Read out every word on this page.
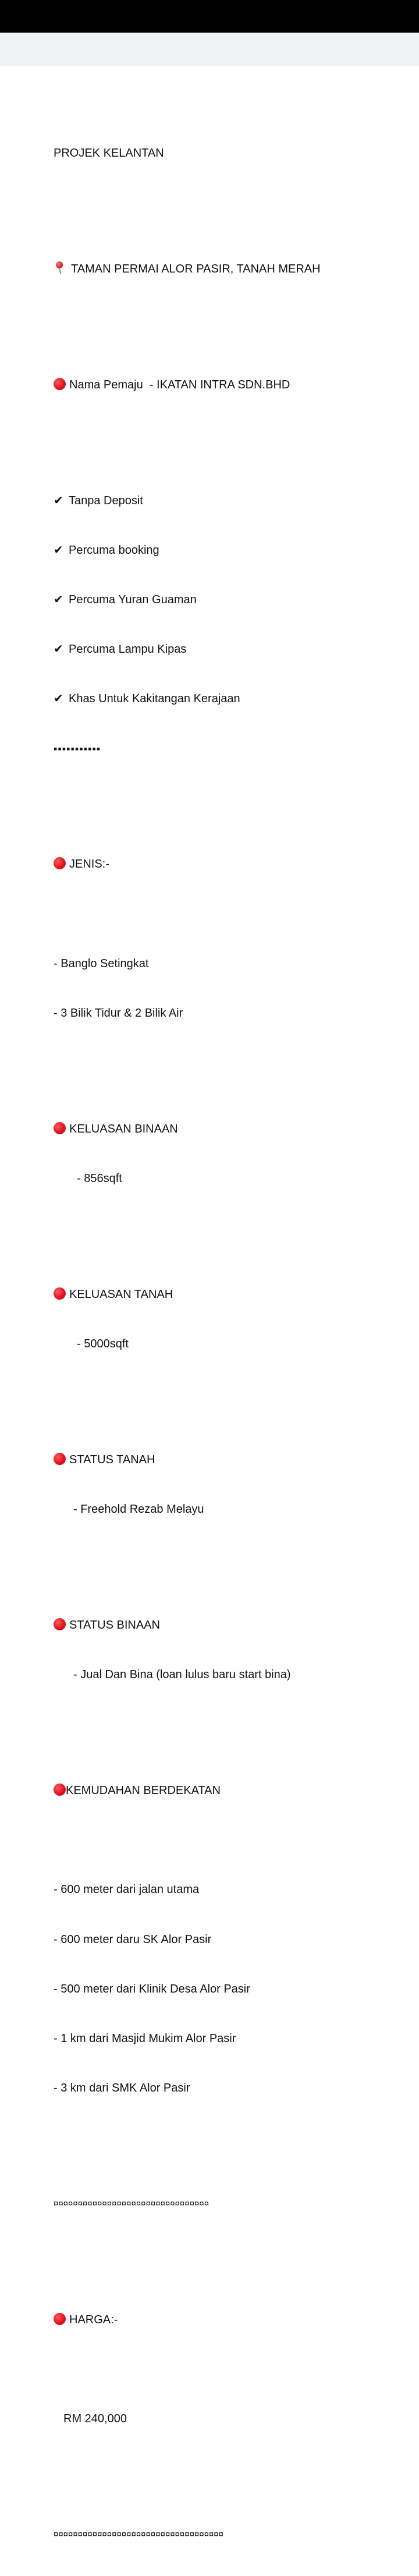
PROJEK KELANTAN

TAMAN PERMAI ALOR PASIR, TANAH MERAH

Nama Pemaju  - IKATAN INTRA SDN.BHD

✔ Tanpa Deposit

✔ Percuma booking

✔ Percuma Yuran Guaman

✔ Percuma Lampu Kipas

✔ Khas Untuk Kakitangan Kerajaan

▪▪▪▪▪▪▪▪▪▪▪

JENIS:-

- Banglo Setingkat

- 3 Bilik Tidur & 2 Bilik Air

KELUASAN BINAAN

- 856sqft

KELUASAN TANAH

- 5000sqft

STATUS TANAH

- Freehold Rezab Melayu

STATUS BINAAN

- Jual Dan Bina (loan lulus baru start bina)

KEMUDAHAN BERDEKATAN

- 600 meter dari jalan utama

- 600 meter daru SK Alor Pasir

- 500 meter dari Klinik Desa Alor Pasir

- 1 km dari Masjid Mukim Alor Pasir

- 3 km dari SMK Alor Pasir

¤¤¤¤¤¤¤¤¤¤¤¤¤¤¤¤¤¤¤¤¤¤¤¤¤¤¤¤¤¤¤¤

HARGA:-

RM 240,000

¤¤¤¤¤¤¤¤¤¤¤¤¤¤¤¤¤¤¤¤¤¤¤¤¤¤¤¤¤¤¤¤¤¤¤
